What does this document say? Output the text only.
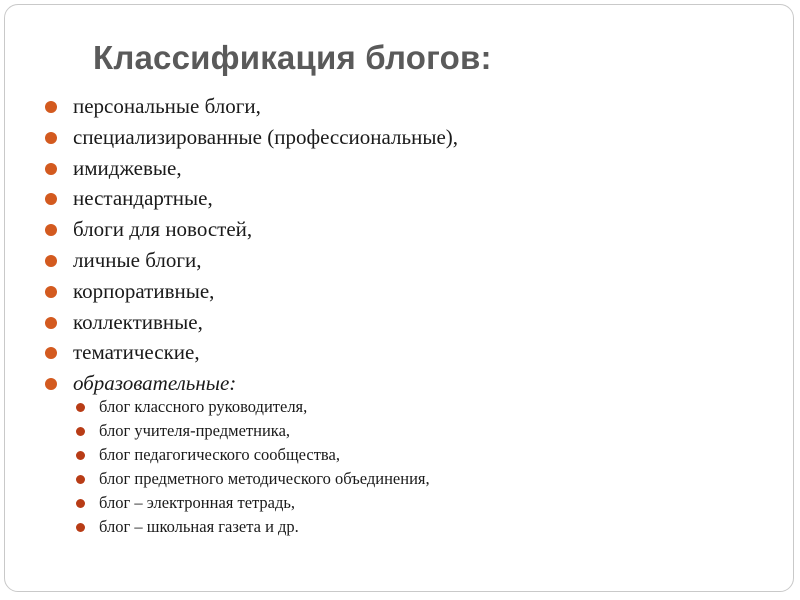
Классификация блогов:
персональные блоги,
специализированные (профессиональные),
имиджевые,
нестандартные,
блоги для новостей,
личные блоги,
корпоративные,
коллективные,
тематические,
образовательные:
блог классного руководителя,
блог учителя-предметника,
блог педагогического сообщества,
блог предметного методического объединения,
блог – электронная тетрадь,
блог – школьная газета и др.
